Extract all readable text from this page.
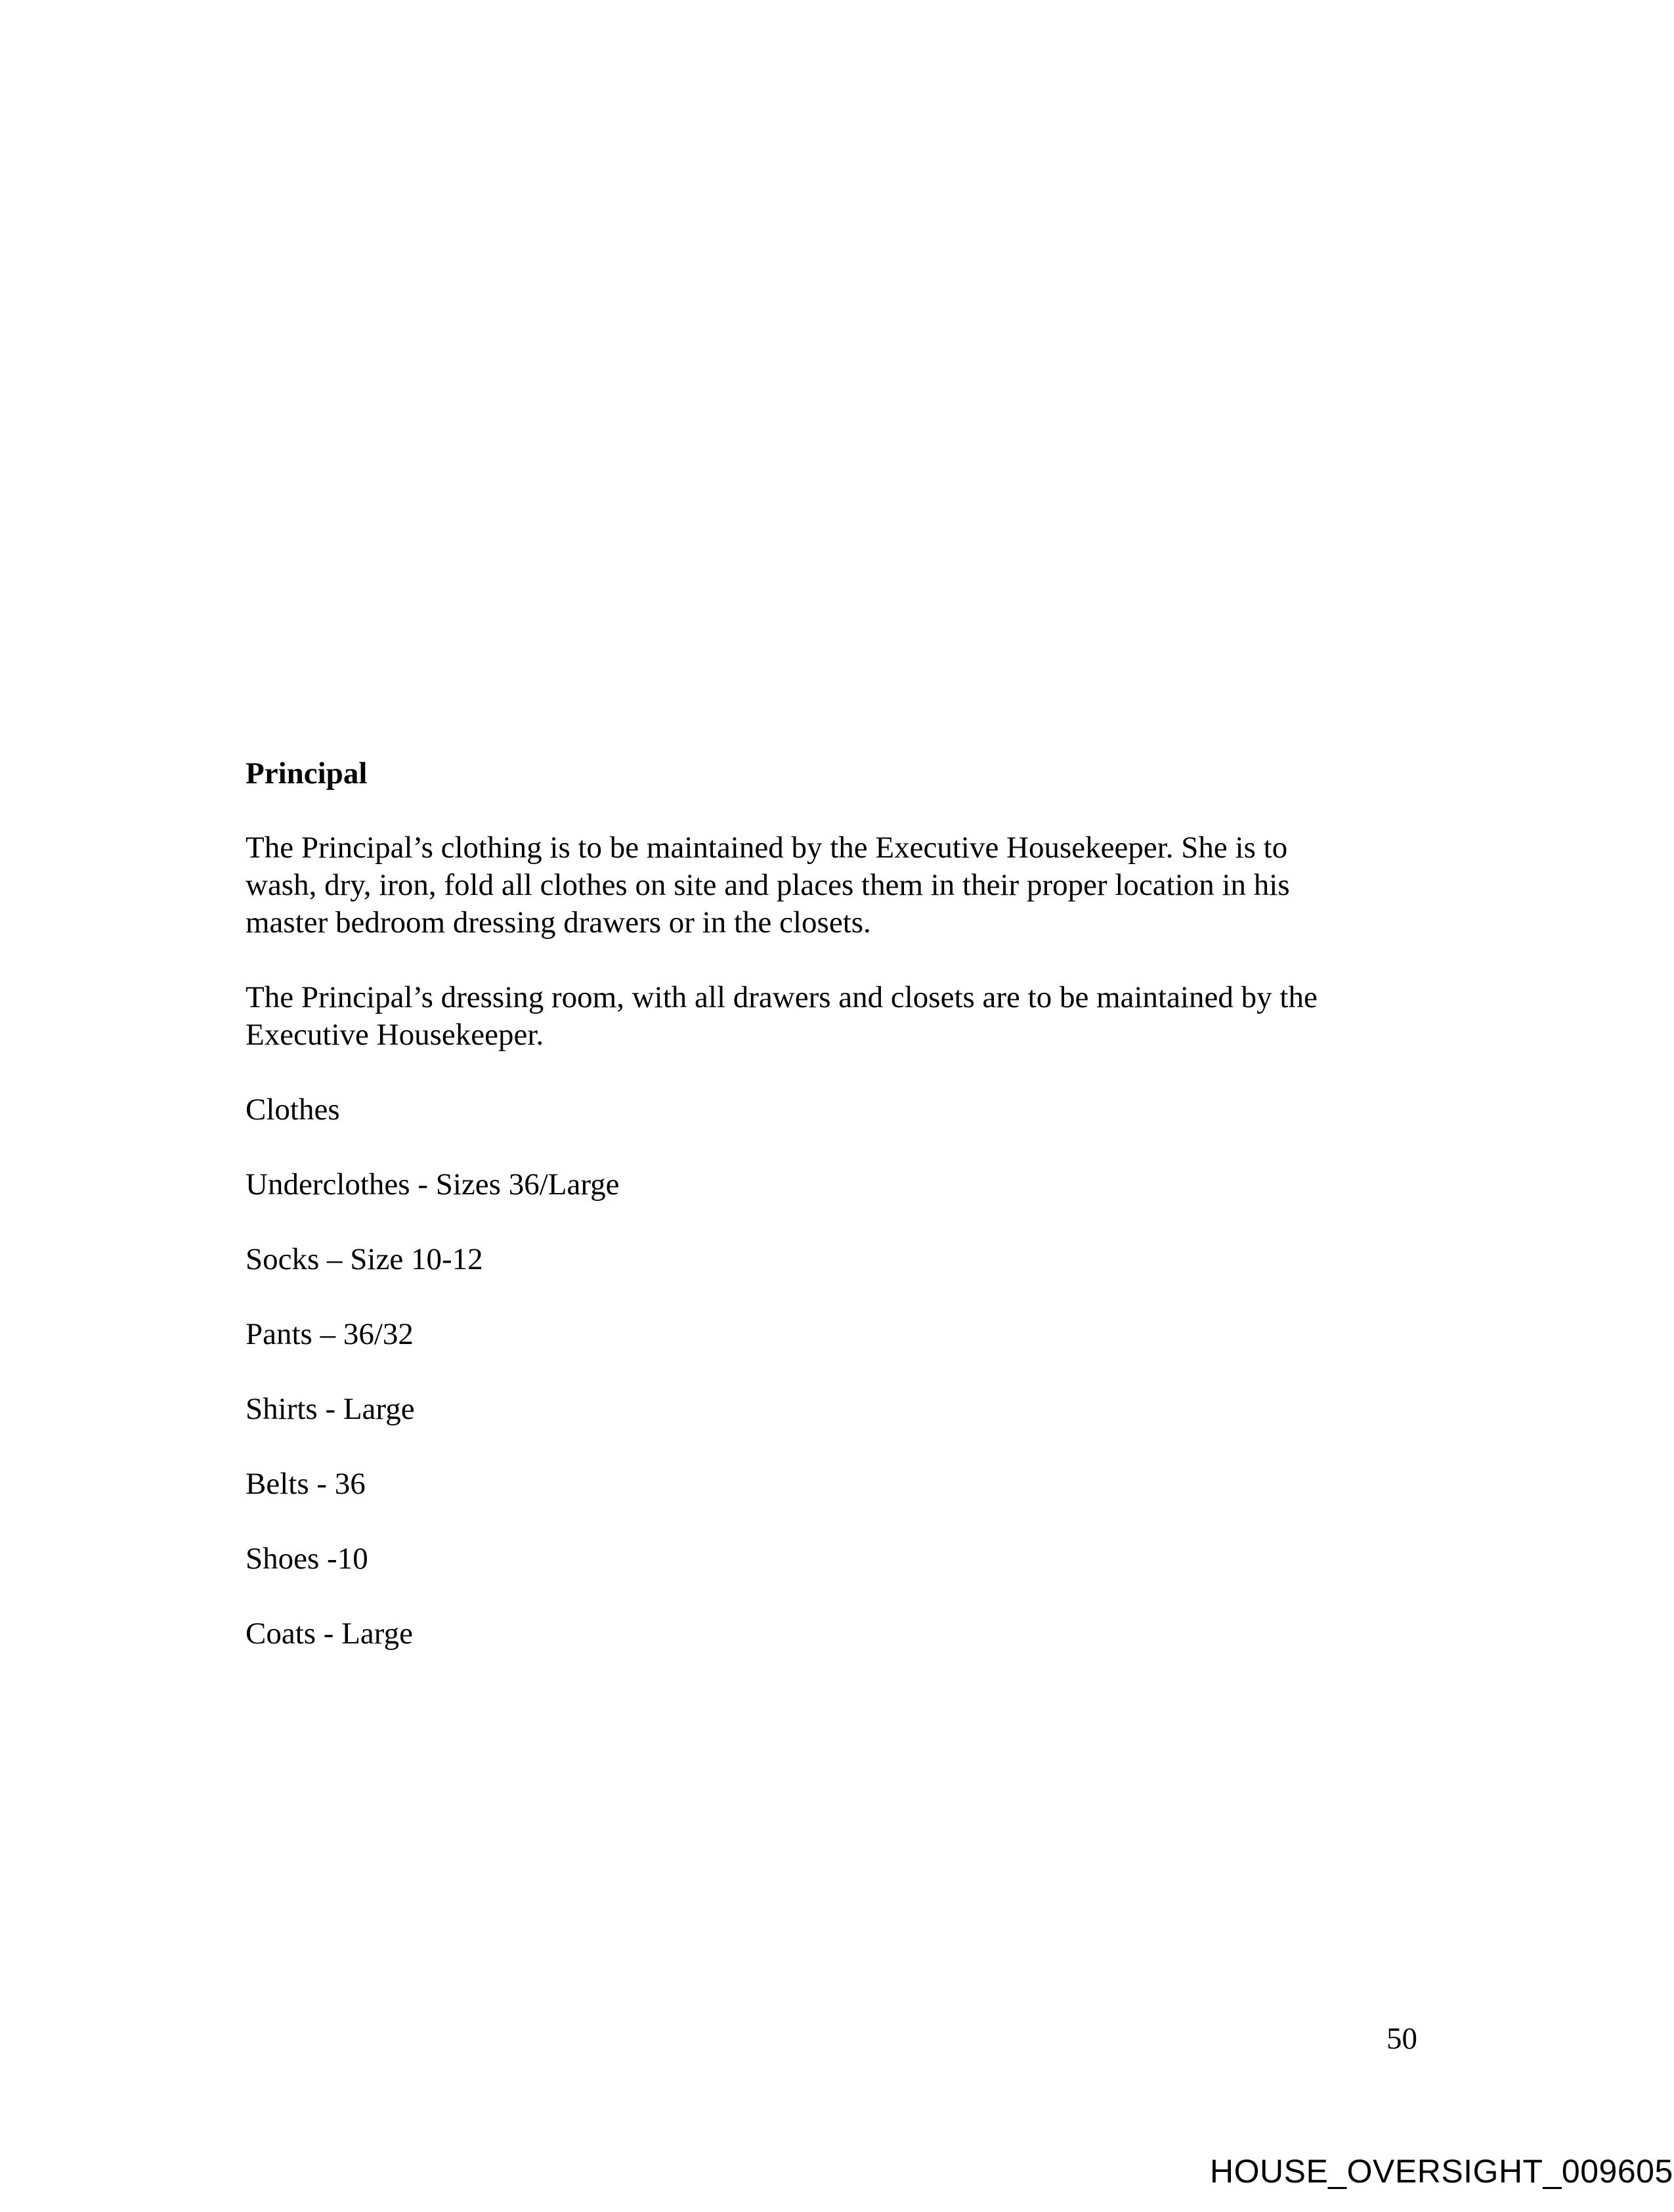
Principal

The Principal’s clothing is to be maintained by the Executive Housekeeper. She is to
wash, dry, iron, fold all clothes on site and places them in their proper location in his
master bedroom dressing drawers or in the closets.
The Principal’s dressing room, with all drawers and closets are to be maintained by the
Executive Housekeeper.
Clothes
Underclothes - Sizes 36/Large
Socks – Size 10-12
Pants – 36/32
Shirts - Large
Belts - 36
Shoes -10
Coats - Large
50
HOUSE_OVERSIGHT_009605
